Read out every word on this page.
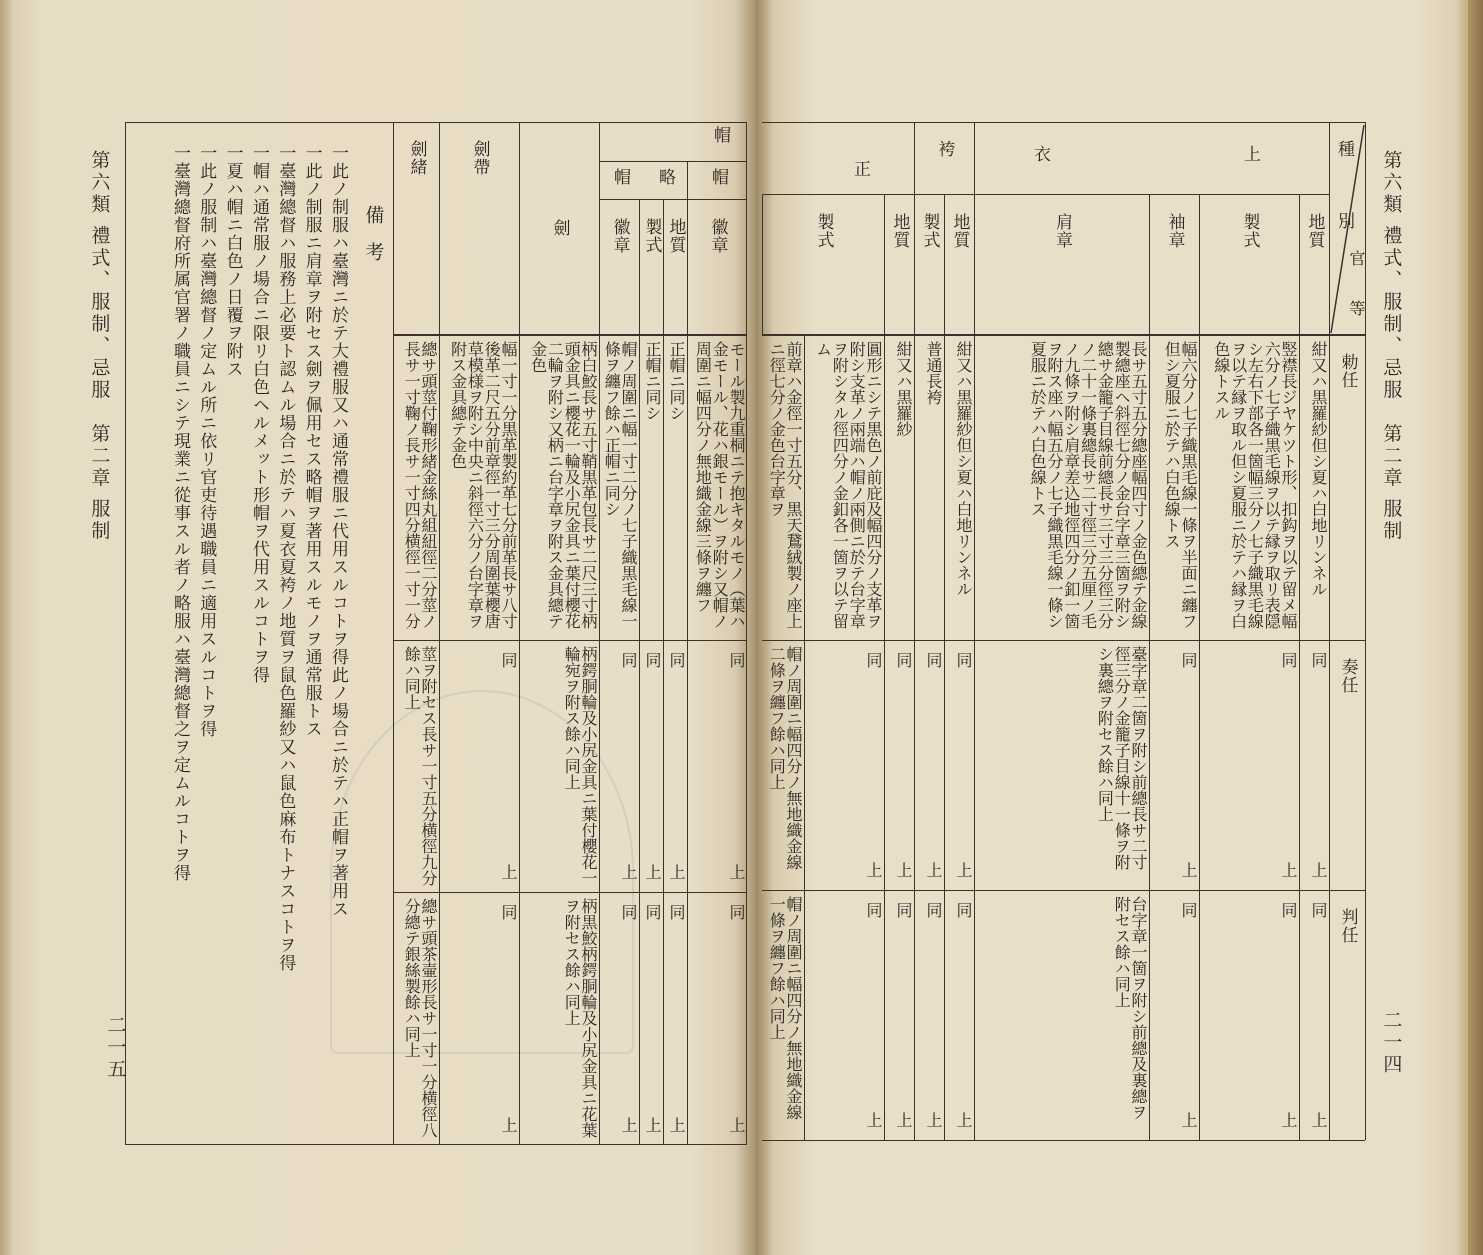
第六類 禮式、服制、忌服　第二章 服制
二一五
第六類 禮式、服制、忌服　第二章 服制
二一四
種
別
官
等
上
衣
袴
正
地質
製式
袖章
肩章
地質
製式
地質
製式
勅任
紺又ハ黒羅紗但シ夏ハ白地リンネル
竪襟長ジヤケツト形、扣鈎ヲ以テ留メ幅六分ノ七子織黒毛線ヲ以テ縁ヲ取リ表隠シ左右下部各一箇幅三分ノ七子織黒毛線ヲ以テ縁ヲ取ル但シ夏服ニ於テハ縁ヲ白色線トスル
幅六分ノ七子織黒毛線一條ヲ半面ニ纏フ但シ夏服ニ於テハ白色線トス
長サ五寸五分總座幅四寸ノ金色總テ金線製總座ヘ斜徑七分ノ金台字章三箇ヲ附シ總サ金籠子目線前總長サ三寸三分徑三分ノ二十一條裏總長サ二寸徑三分五厘ノ毛ノ九條ヲ附シ肩章差込地徑四分ノ釦一箇ヲ附ス座ハ幅五分ノ七子織黒毛線一條シ夏服ニ於テハ白色線トス
紺又ハ黒羅紗但シ夏ハ白地リンネル
普通長袴
紺又ハ黒羅紗
圓形ニシテ黒色ノ前庇及幅四分ノ支革ヲ附シ支革ノ兩端ハ帽ノ兩側ニ於テ台字章ヲ附シタル徑四分ノ金釦各一箇ヲ以テ留ム
前章ハ金徑一寸五分、黒天鵞絨製ノ座上ニ徑七分ノ金色台字章ヲ
奏任
同上
同上
同上
臺字章二箇ヲ附シ前總長サ二寸徑三分ノ金籠子目線十一條ヲ附シ裏總ヲ附セス餘ハ同上
同上
同上
同上
同上
帽ノ周圍ニ幅四分ノ無地織金線二條ヲ纏フ餘ハ同上
判任
同上
同上
同上
台字章一箇ヲ附シ前總及裏總ヲ附セス餘ハ同上
同上
同上
同上
同上
帽ノ周圍ニ幅四分ノ無地織金線一條ヲ纏フ餘ハ同上
帽
帽
略
帽
徽章
地質
製式
徽章
劍
劍帶
劍緒
モール製九重桐ニテ抱キタルモノ（葉ハ金モール、花ハ銀モール）ヲ附シ又帽ノ周圍ニ幅四分ノ無地織金線三條ヲ纏フ
正帽ニ同シ
正帽ニ同シ
帽ノ周圍ニ幅一寸二分ノ七子織黒毛線一條ヲ纏フ餘ハ正帽ニ同シ
柄白鮫長サ五寸鞘黒革包長サ二尺三寸柄頭金具ニ櫻花一輪及小尻金具ニ葉付櫻花二輪ヲ附シ又柄ニ台字章ヲ附ス金具總テ金色
幅一寸一分黒革製約革七分前革長サ八寸後革二尺五分前章徑一寸三分周圍葉櫻唐草模様ヲ附シ中央ニ斜徑六分ノ台字章ヲ附ス金具總テ金色
總サ頭莖付鞠形緒金絲丸組紐徑二分莖ノ長サ一寸鞠ノ長サ一寸四分横徑一寸一分
同上
同上
同上
同上
柄鍔胴輪及小尻金具ニ葉付櫻花一輪宛ヲ附ス餘ハ同上
同上
莖ヲ附セス長サ一寸五分横徑九分餘ハ同上
同上
同上
同上
同上
柄黒鮫柄鍔胴輪及小尻金具ニ花葉ヲ附セス餘ハ同上
同上
總サ頭茶壷形長サ一寸一分横徑八分總テ銀絲製餘ハ同上
備考
一此ノ制服ハ臺灣ニ於テ大禮服又ハ通常禮服ニ代用スルコトヲ得此ノ場合ニ於テハ正帽ヲ著用ス
一此ノ制服ニ肩章ヲ附セス劍ヲ佩用セス略帽ヲ著用スルモノヲ通常服トス
一臺灣總督ハ服務上必要ト認ムル場合ニ於テハ夏衣夏袴ノ地質ヲ鼠色羅紗又ハ鼠色麻布トナスコトヲ得
一帽ハ通常服ノ場合ニ限リ白色ヘルメット形帽ヲ代用スルコトヲ得
一夏ハ帽ニ白色ノ日覆ヲ附ス
一此ノ服制ハ臺灣總督ノ定ムル所ニ依リ官吏待遇職員ニ適用スルコトヲ得
一臺灣總督府所属官署ノ職員ニシテ現業ニ從事スル者ノ略服ハ臺灣總督之ヲ定ムルコトヲ得
